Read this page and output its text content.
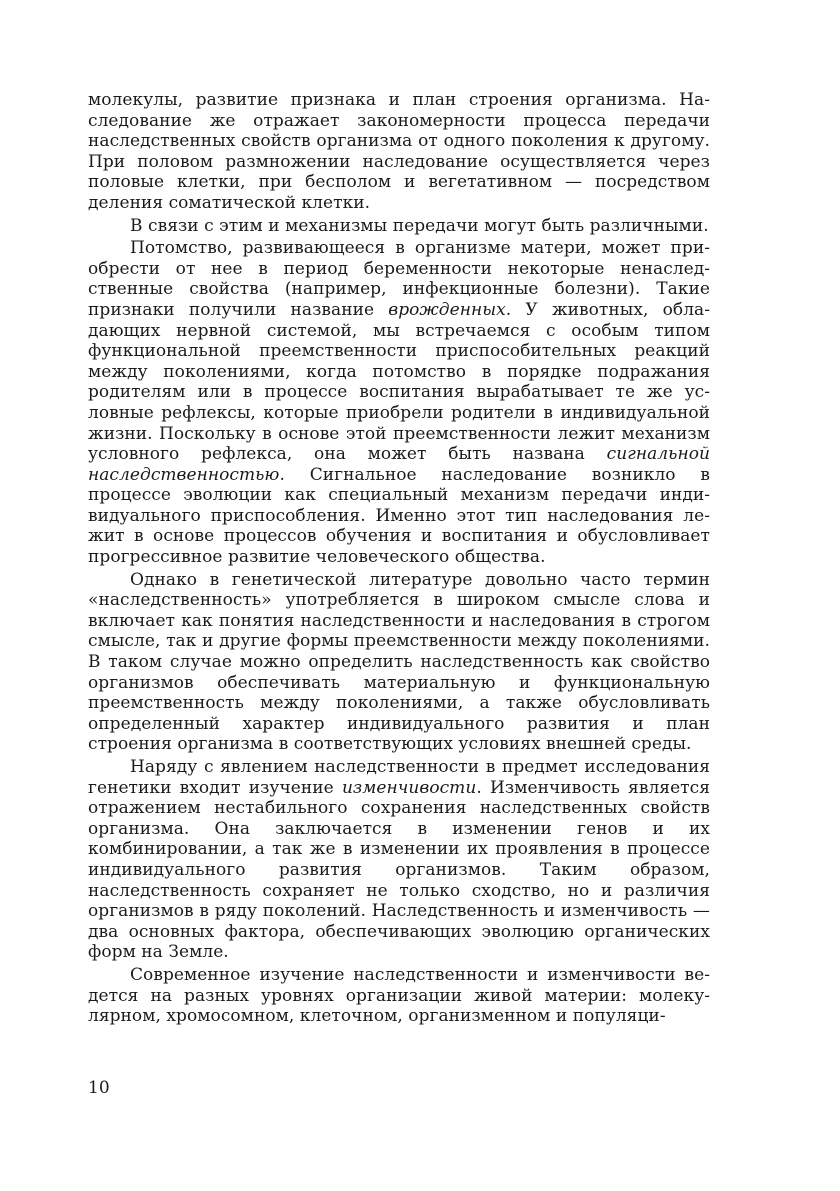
молекулы, развитие признака и план строения организма. Наследование же отражает закономерности процесса передачи наследственных свойств организма от одного поколения к другому. При половом размножении наследование осуществляется через половые клетки, при бесполом и вегетативном — посредством деления соматической клетки.

В связи с этим и механизмы передачи могут быть различными.

Потомство, развивающееся в организме матери, может приобрести от нее в период беременности некоторые ненаследственные свойства (например, инфекционные болезни). Такие признаки получили название врожденных. У животных, обладающих нервной системой, мы встречаемся с особым типом функциональной преемственности приспособительных реакций между поколениями, когда потомство в порядке подражания родителям или в процессе воспитания вырабатывает те же условные рефлексы, которые приобрели родители в индивидуальной жизни. Поскольку в основе этой преемственности лежит механизм условного рефлекса, она может быть названа сигнальной наследственностью. Сигнальное наследование возникло в процессе эволюции как специальный механизм передачи индивидуального приспособления. Именно этот тип наследования лежит в основе процессов обучения и воспитания и обусловливает прогрессивное развитие человеческого общества.

Однако в генетической литературе довольно часто термин «наследственность» употребляется в широком смысле слова и включает как понятия наследственности и наследования в строгом смысле, так и другие формы преемственности между поколениями. В таком случае можно определить наследственность как свойство организмов обеспечивать материальную и функциональную преемственность между поколениями, а также обусловливать определенный характер индивидуального развития и план строения организма в соответствующих условиях внешней среды.

Наряду с явлением наследственности в предмет исследования генетики входит изучение изменчивости. Изменчивость является отражением нестабильного сохранения наследственных свойств организма. Она заключается в изменении генов и их комбинировании, а так же в изменении их проявления в процессе индивидуального развития организмов. Таким образом, наследственность сохраняет не только сходство, но и различия организмов в ряду поколений. Наследственность и изменчивость — два основных фактора, обеспечивающих эволюцию органических форм на Земле.

Современное изучение наследственности и изменчивости ведется на разных уровнях организации живой материи: молекулярном, хромосомном, клеточном, организменном и популяци-

10
